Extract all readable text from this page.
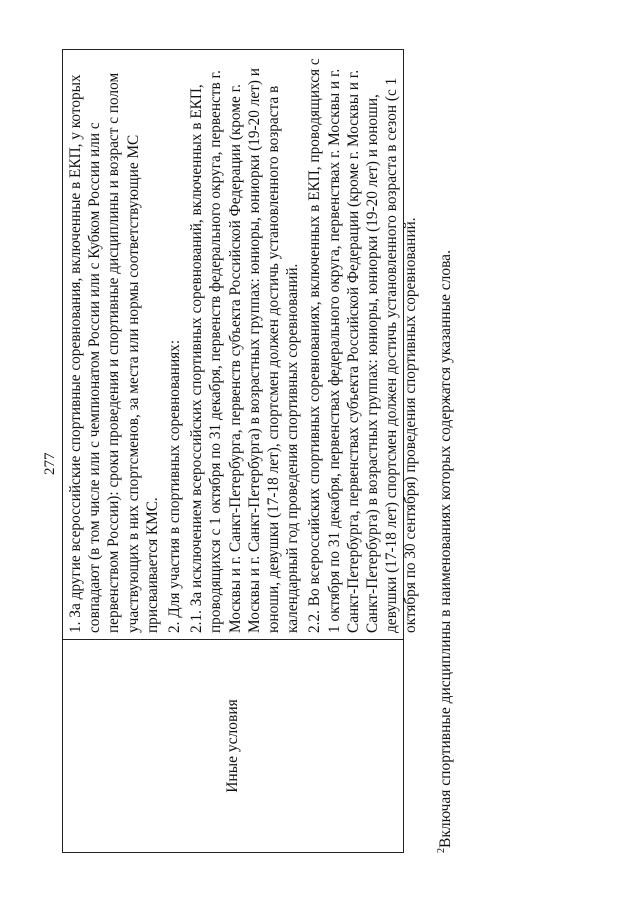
277
Иные условия

1. За другие всероссийские спортивные соревнования, включенные в ЕКП, у которых совпадают (в том числе или с чемпионатом России или с Кубком России или с первенством России): сроки проведения и спортивные дисциплины и возраст с полом участвующих в них спортсменов, за места или нормы соответствующие МС присваивается КМС. 2. Для участия в спортивных соревнованиях: 2.1. За исключением всероссийских спортивных соревнований, включенных в ЕКП, проводящихся с 1 октября по 31 декабря, первенств федерального округа, первенств г. Москвы и г. Санкт-Петербурга, первенств субъекта Российской Федерации (кроме г. Москвы и г. Санкт-Петербурга) в возрастных группах: юниоры, юниорки (19-20 лет) и юноши, девушки (17-18 лет), спортсмен должен достичь установленного возраста в календарный год проведения спортивных соревнований. 2.2. Во всероссийских спортивных соревнованиях, включенных в ЕКП, проводящихся с 1 октября по 31 декабря, первенствах федерального округа, первенствах г. Москвы и г. Санкт-Петербурга, первенствах субъекта Российской Федерации (кроме г. Москвы и г. Санкт-Петербурга) в возрастных группах: юниоры, юниорки (19-20 лет) и юноши, девушки (17-18 лет) спортсмен должен достичь установленного возраста в сезон (с 1 октября по 30 сентября) проведения спортивных соревнований.

$^2$Включая спортивные дисциплины в наименованиях которых содержатся указанные слова.
